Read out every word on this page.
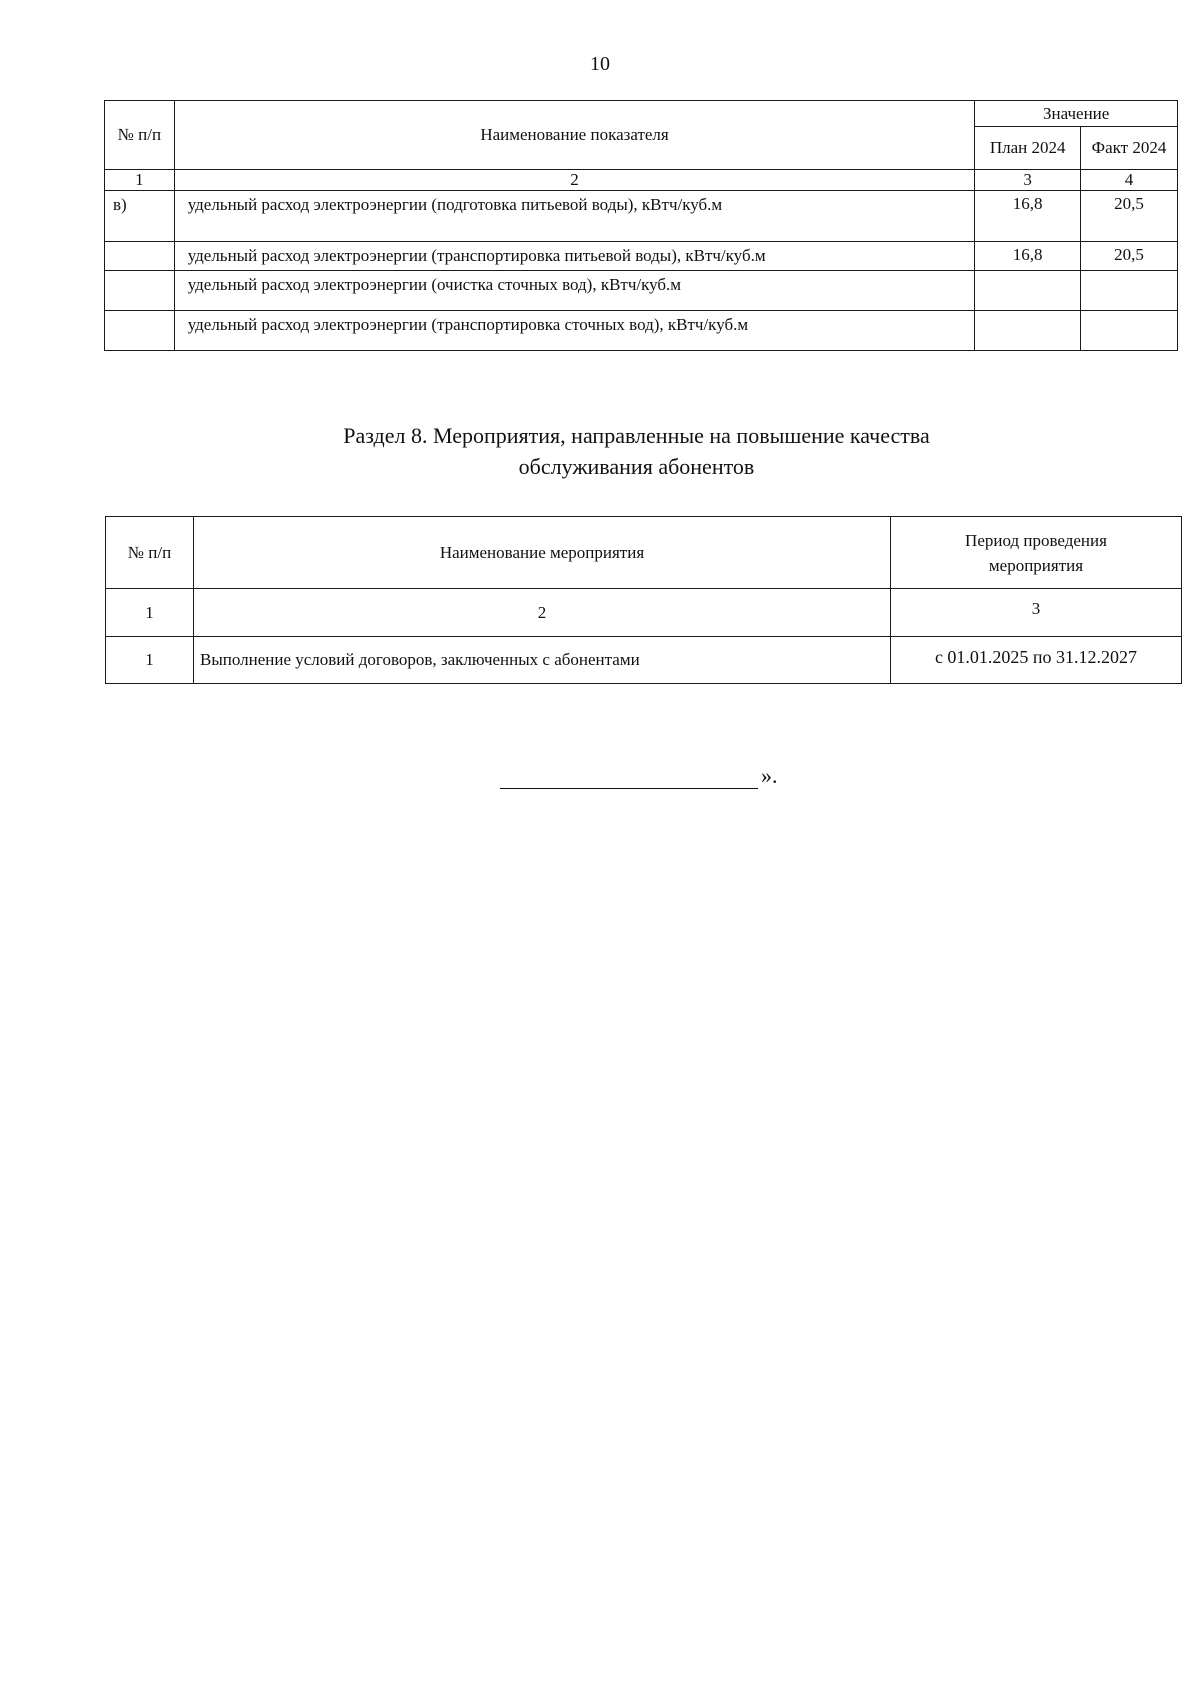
10
№ п/п	Наименование показателя	Значение	
		План 2024	Факт 2024
1	2	3	4
в)	удельный расход электроэнергии (подготовка питьевой воды), кВтч/куб.м	16,8	20,5
	удельный расход электроэнергии (транспортировка питьевой воды), кВтч/куб.м	16,8	20,5
	удельный расход электроэнергии (очистка сточных вод), кВтч/куб.м		
	удельный расход электроэнергии (транспортировка сточных вод), кВтч/куб.м		
Раздел 8. Мероприятия, направленные на повышение качества
обслуживания абонентов
№ п/п	Наименование мероприятия	Период проведения
мероприятия

1	2	3
1	Выполнение условий договоров, заключенных с абонентами	с 01.01.2025 по 31.12.2027
».
